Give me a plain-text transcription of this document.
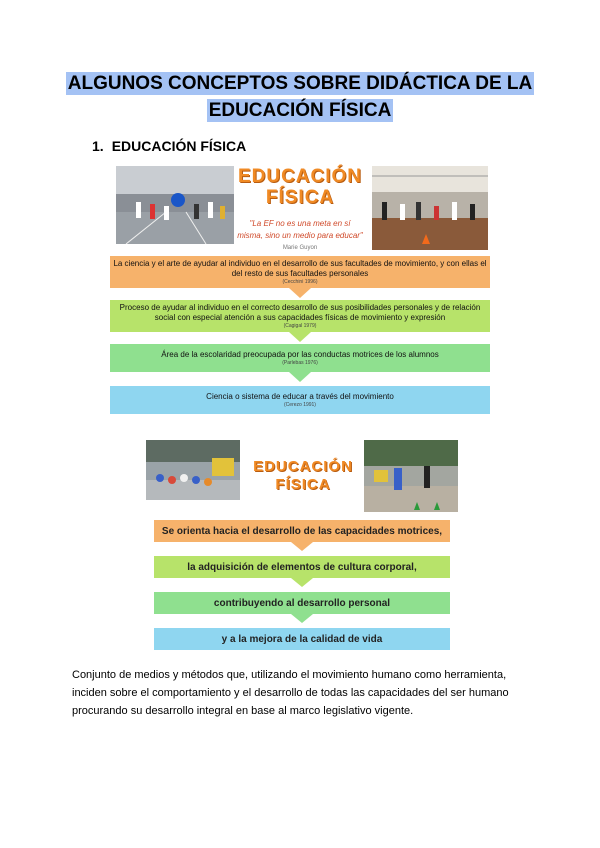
ALGUNOS CONCEPTOS SOBRE DIDÁCTICA DE LA
EDUCACIÓN FÍSICA
1. EDUCACIÓN FÍSICA
EDUCACIÓN
FÍSICA
"La EF no es una meta en sí
misma, sino un medio para educar"
Marie Guyon
La ciencia y el arte de ayudar al individuo en el desarrollo de sus facultades de movimiento, y con ellas el del resto de sus facultades personales
(Cecchini 1996)
Proceso de ayudar al individuo en el correcto desarrollo de sus posibilidades personales y de relación social con especial atención a sus capacidades físicas de movimiento y expresión
(Cagigal 1979)
Área de la escolaridad preocupada por las conductas motrices de los alumnos
(Parlebas 1976)
Ciencia o sistema de educar a través del movimiento
(Cerezo 1991)
EDUCACIÓN
FÍSICA
Se orienta hacia el desarrollo de las capacidades motrices,
la adquisición de elementos de cultura corporal,
contribuyendo al desarrollo personal
y a la mejora de la calidad de vida
Conjunto de medios y métodos que, utilizando el movimiento humano como herramienta, inciden sobre el comportamiento y el desarrollo de todas las capacidades del ser humano procurando su desarrollo integral en base al marco legislativo vigente.
